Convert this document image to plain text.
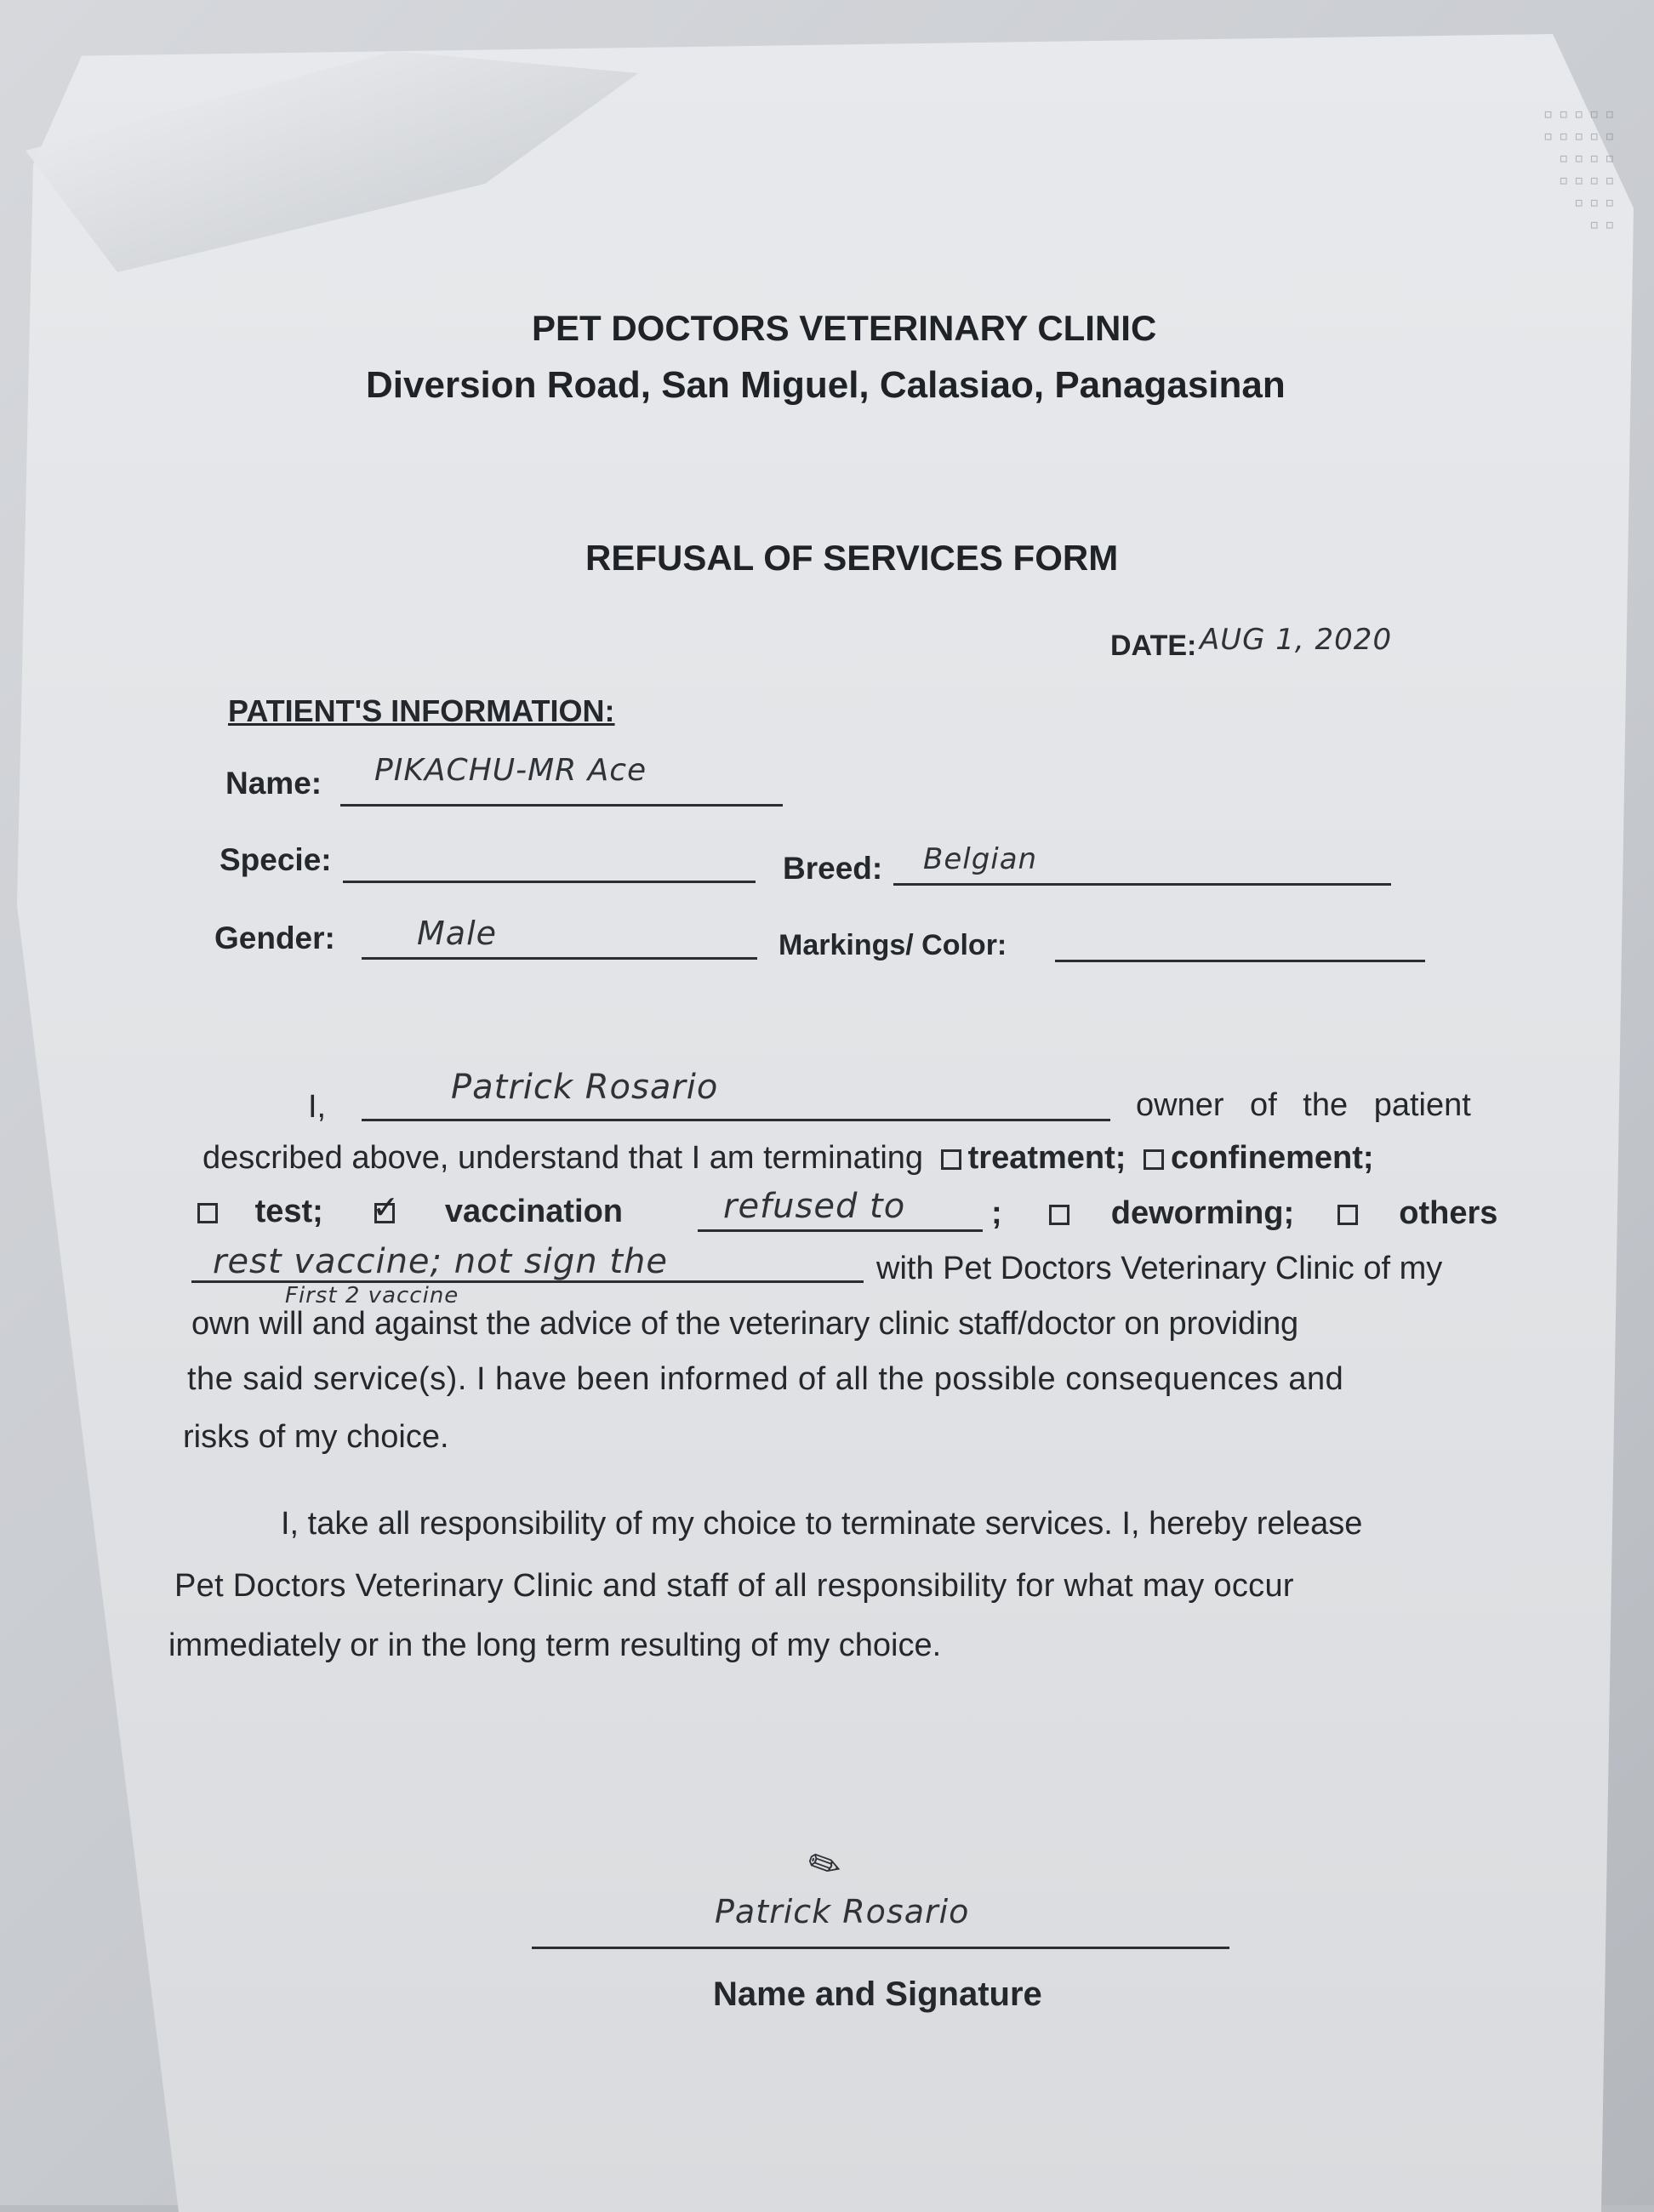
▫▫▫▫▫
▫▫▫▫▫
▫▫▫▫
▫▫▫▫
▫▫▫
▫▫
PET DOCTORS VETERINARY CLINIC
Diversion Road, San Miguel, Calasiao, Panagasinan
REFUSAL OF SERVICES FORM
DATE: AUG 1, 2020
PATIENT'S INFORMATION:
Name: PIKACHU-MR Ace
Specie:	Breed: Belgian
Gender:	Male	Markings/ Color:
I,	Patrick Rosario	owner of the patient
described above, understand that I am terminating treatment; confinement;
test; ✓ vaccination	refused to	;	deworming;	others
rest vaccine; not sign the
First 2 vaccine
with Pet Doctors Veterinary Clinic of my
own will and against the advice of the veterinary clinic staff/doctor on providing
the said service(s). I have been informed of all the possible consequences and
risks of my choice.
I, take all responsibility of my choice to terminate services. I, hereby release
Pet Doctors Veterinary Clinic and staff of all responsibility for what may occur
immediately or in the long term resulting of my choice.
✎
Patrick Rosario
Name and Signature
